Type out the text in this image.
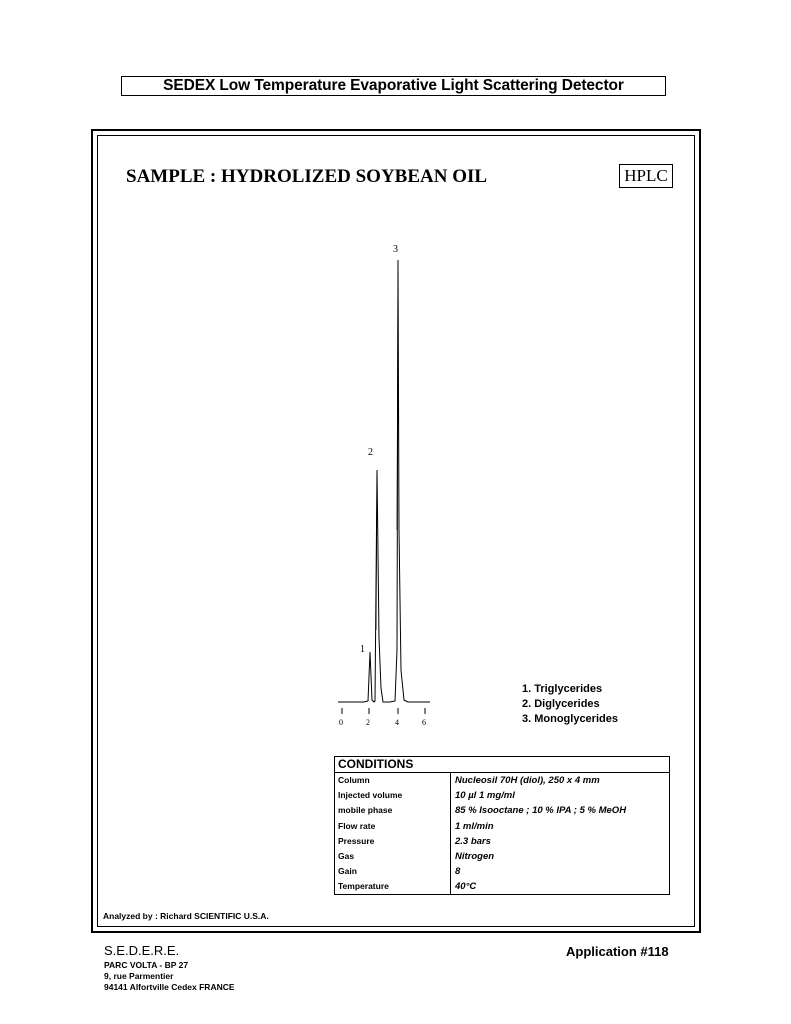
SEDEX Low Temperature Evaporative Light Scattering Detector
SAMPLE : HYDROLIZED SOYBEAN OIL	HPLC
1
2
3
0	2	4	6
1. Triglycerides
2. Diglycerides
3. Monoglycerides
CONDITIONS
Column	Nucleosil 70H (diol), 250 x 4 mm
Injected volume	10 µl 1 mg/ml
mobile phase	85 % Isooctane ; 10 % IPA ; 5 % MeOH
Flow rate	1 ml/min
Pressure	2.3 bars
Gas	Nitrogen
Gain	8
Temperature	40°C
Analyzed by : Richard SCIENTIFIC U.S.A.
S.E.D.E.R.E.
PARC VOLTA - BP 27
9, rue Parmentier
94141 Alfortville Cedex FRANCE
Application #118
